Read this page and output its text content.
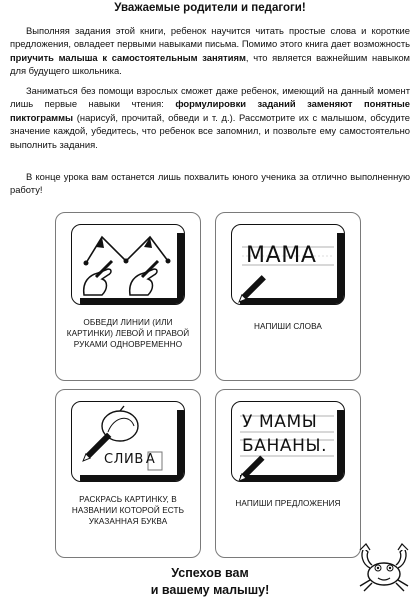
Уважаемые родители и педагоги!

Выполняя задания этой книги, ребенок научится читать простые слова и короткие предложения, овладеет первыми навыками письма. Помимо этого книга дает возможность приучить малыша к самостоятельным занятиям, что является важнейшим навыком для будущего школьника.

Заниматься без помощи взрослых сможет даже ребенок, имеющий на данный момент лишь первые навыки чтения: формулировки заданий заменяют понятные пиктограммы (нарисуй, прочитай, обведи и т. д.). Рассмотрите их с малышом, обсудите значение каждой, убедитесь, что ребенок все запомнил, и позвольте ему самостоятельно выполнить задания.

В конце урока вам останется лишь похвалить юного ученика за отлично выполненную работу!

ОБВЕДИ ЛИНИИ (ИЛИ КАРТИНКИ) ЛЕВОЙ И ПРАВОЙ РУКАМИ ОДНОВРЕМЕННО
МАМА
НАПИШИ СЛОВА
СЛИВ А
РАСКРАСЬ КАРТИНКУ, В НАЗВАНИИ КОТОРОЙ ЕСТЬ УКАЗАННАЯ БУКВА
У МАМЫ
БАНАНЫ.
НАПИШИ ПРЕДЛОЖЕНИЯ
Успехов вам
и вашему малышу!
